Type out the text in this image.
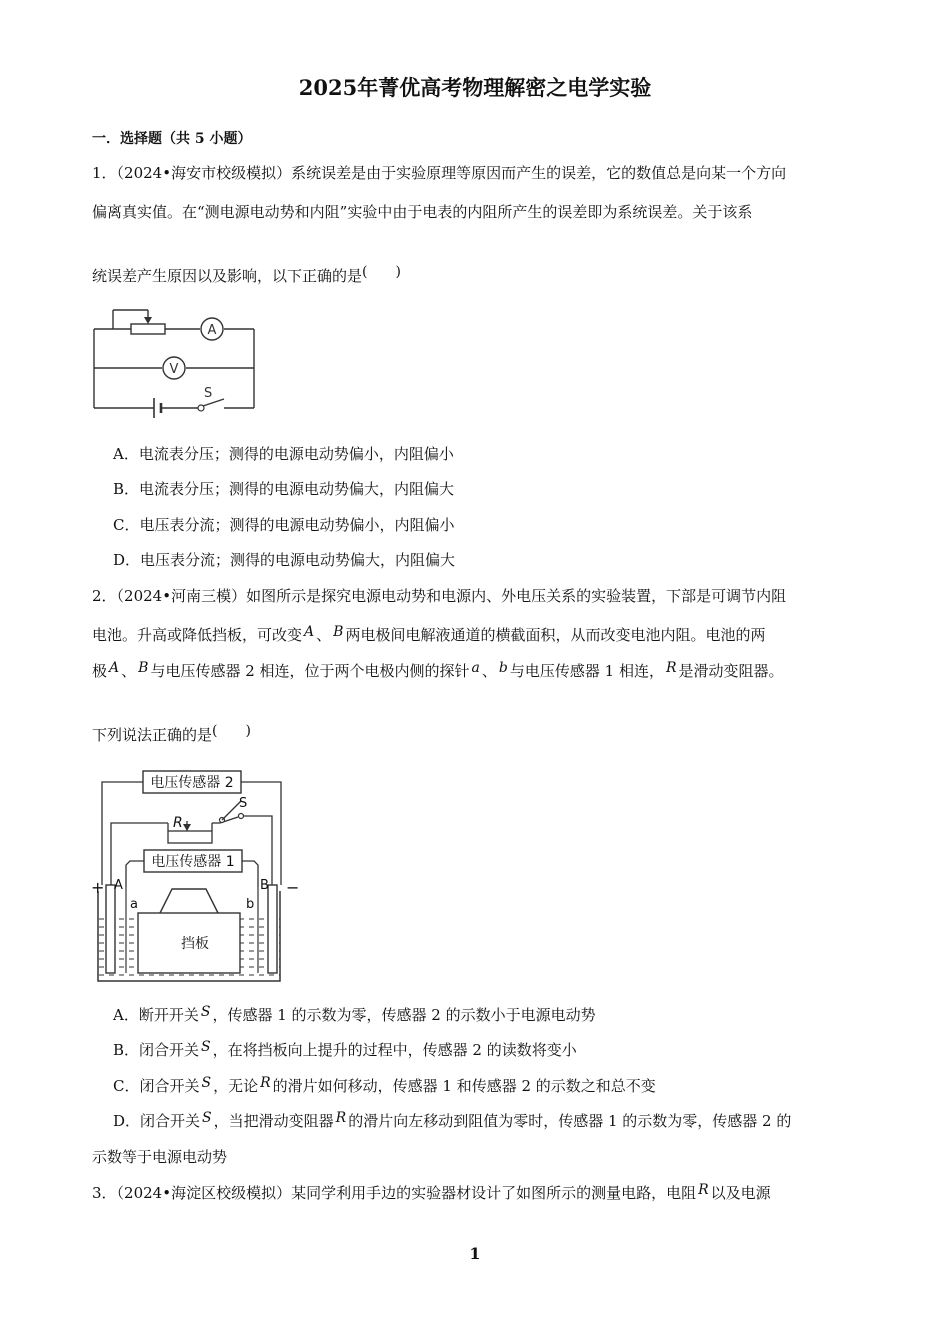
2025年菁优高考物理解密之电学实验
一．选择题（共 5 小题）
1．（2024•海安市校级模拟）系统误差是由于实验原理等原因而产生的误差，它的数值总是向某一个方向
偏离真实值。在“测电源电动势和内阻”实验中由于电表的内阻所产生的误差即为系统误差。关于该系
统误差产生原因以及影响，以下正确的是(　　)
A
V
S
A．电流表分压；测得的电源电动势偏小，内阻偏小
B．电流表分压；测得的电源电动势偏大，内阻偏大
C．电压表分流；测得的电源电动势偏小，内阻偏小
D．电压表分流；测得的电源电动势偏大，内阻偏大
2．（2024•河南三模）如图所示是探究电源电动势和电源内、外电压关系的实验装置，下部是可调节内阻
电池。升高或降低挡板，可改变 A 、 B 两电极间电解液通道的横截面积，从而改变电池内阻。电池的两
极 A 、 B 与电压传感器 2 相连，位于两个电极内侧的探针 a 、 b 与电压传感器 1 相连， R 是滑动变阻器。
下列说法正确的是(　　)
挡板
电压传感器 2
电压传感器 1
S
R
+	−
A	B
a	b
A．断开开关 S ，传感器 1 的示数为零，传感器 2 的示数小于电源电动势
B．闭合开关 S ，在将挡板向上提升的过程中，传感器 2 的读数将变小
C．闭合开关 S ，无论 R 的滑片如何移动，传感器 1 和传感器 2 的示数之和总不变
D．闭合开关 S ，当把滑动变阻器 R 的滑片向左移动到阻值为零时，传感器 1 的示数为零，传感器 2 的
示数等于电源电动势
3．（2024•海淀区校级模拟）某同学利用手边的实验器材设计了如图所示的测量电路，电阻 R 以及电源
1
